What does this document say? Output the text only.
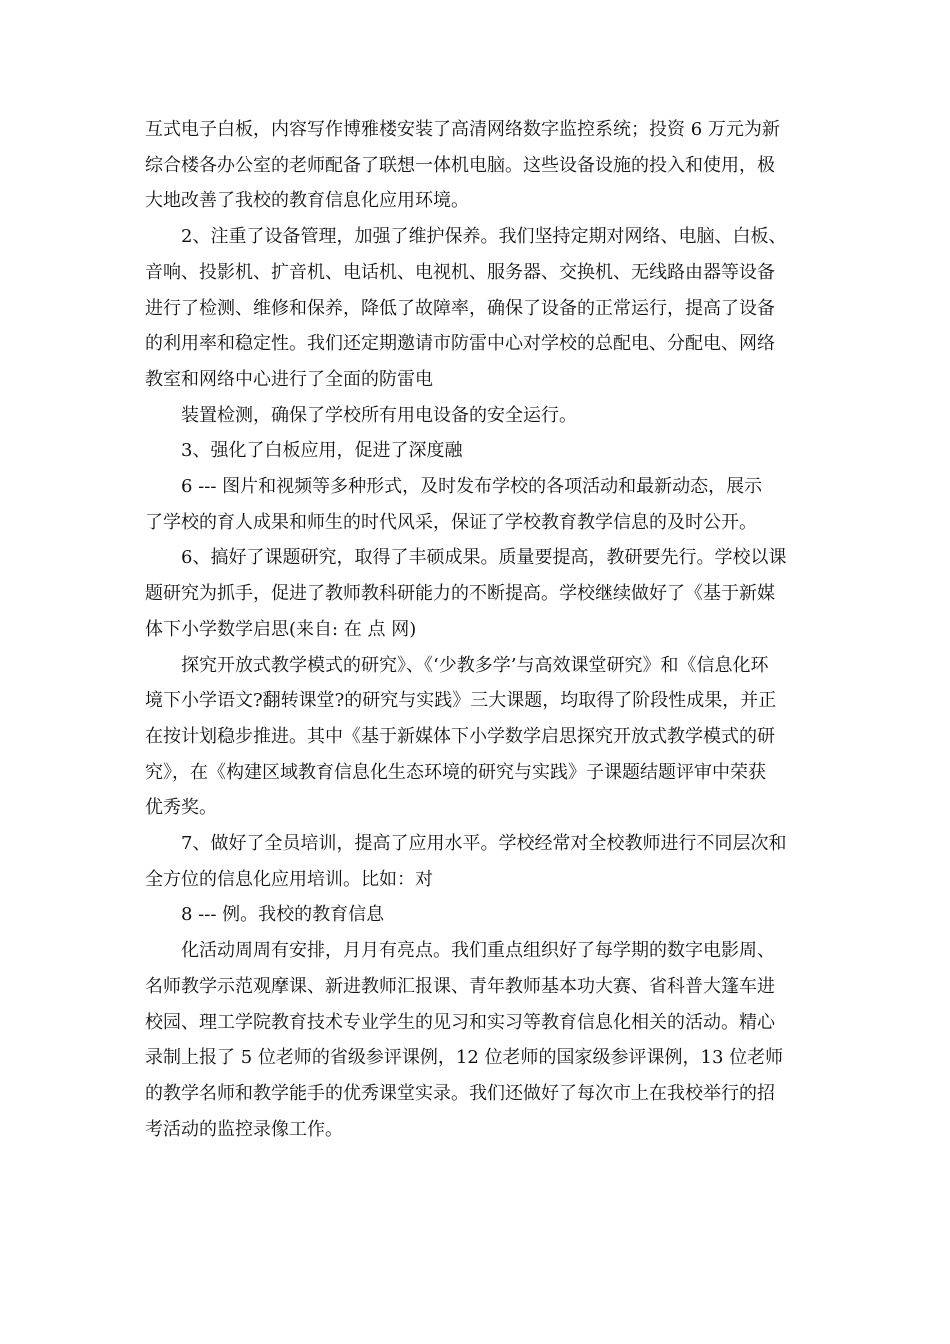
互式电子白板，内容写作博雅楼安装了高清网络数字监控系统；投资 6 万元为新
综合楼各办公室的老师配备了联想一体机电脑。这些设备设施的投入和使用，极
大地改善了我校的教育信息化应用环境。

2、注重了设备管理，加强了维护保养。我们坚持定期对网络、电脑、白板、
音响、投影机、扩音机、电话机、电视机、服务器、交换机、无线路由器等设备
进行了检测、维修和保养，降低了故障率，确保了设备的正常运行，提高了设备
的利用率和稳定性。我们还定期邀请市防雷中心对学校的总配电、分配电、网络
教室和网络中心进行了全面的防雷电

装置检测，确保了学校所有用电设备的安全运行。

3、强化了白板应用，促进了深度融

6 --- 图片和视频等多种形式，及时发布学校的各项活动和最新动态，展示
了学校的育人成果和师生的时代风采，保证了学校教育教学信息的及时公开。

6、搞好了课题研究，取得了丰硕成果。质量要提高，教研要先行。学校以课
题研究为抓手，促进了教师教科研能力的不断提高。学校继续做好了《基于新媒
体下小学数学启思(来自: 在 点 网)

探究开放式教学模式的研究》、《‘少教多学’与高效课堂研究》和《信息化环
境下小学语文?翻转课堂?的研究与实践》三大课题，均取得了阶段性成果，并正
在按计划稳步推进。其中《基于新媒体下小学数学启思探究开放式教学模式的研
究》，在《构建区域教育信息化生态环境的研究与实践》子课题结题评审中荣获
优秀奖。

7、做好了全员培训，提高了应用水平。学校经常对全校教师进行不同层次和
全方位的信息化应用培训。比如：对

8 --- 例。我校的教育信息

化活动周周有安排，月月有亮点。我们重点组织好了每学期的数字电影周、
名师教学示范观摩课、新进教师汇报课、青年教师基本功大赛、省科普大篷车进
校园、理工学院教育技术专业学生的见习和实习等教育信息化相关的活动。精心
录制上报了 5 位老师的省级参评课例，12 位老师的国家级参评课例，13 位老师
的教学名师和教学能手的优秀课堂实录。我们还做好了每次市上在我校举行的招
考活动的监控录像工作。
